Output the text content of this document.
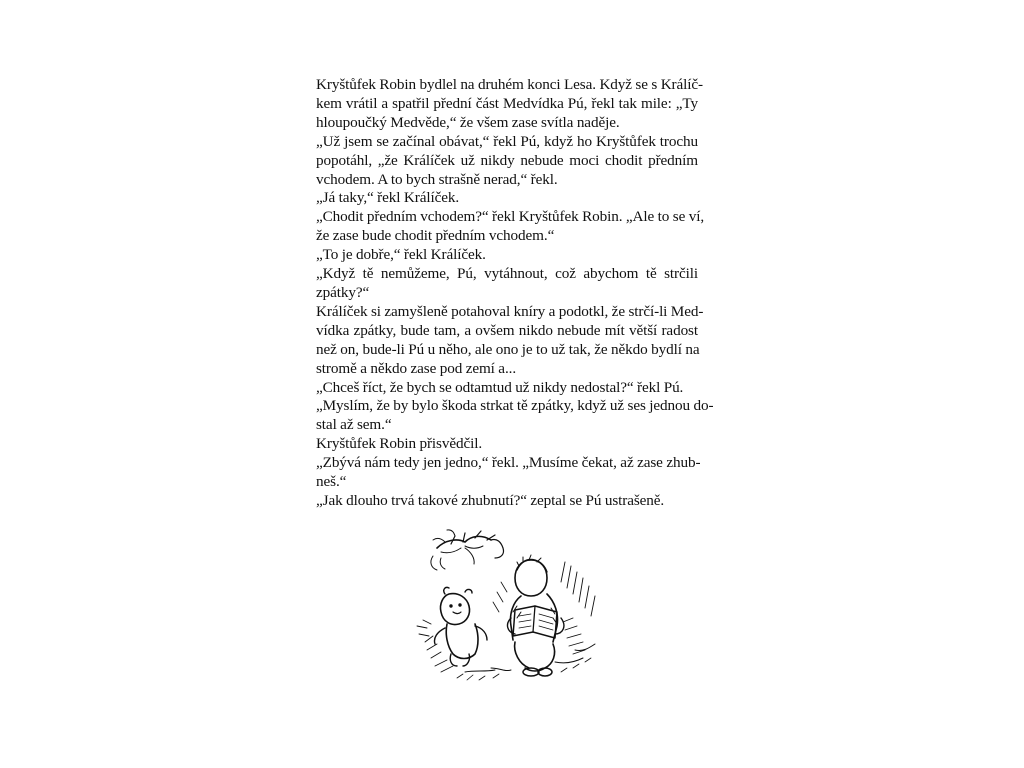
Kryštůfek Robin bydlel na druhém konci Lesa. Když se s Králíč-
kem vrátil a spatřil přední část Medvídka Pú, řekl tak mile: „Ty
hloupoučký Medvěde,“ že všem zase svítla naděje.

„Už jsem se začínal obávat,“ řekl Pú, když ho Kryštůfek trochu
popotáhl, „že Králíček už nikdy nebude moci chodit předním
vchodem. A to bych strašně nerad,“ řekl.

„Já taky,“ řekl Králíček.

„Chodit předním vchodem?“ řekl Kryštůfek Robin. „Ale to se ví,
že zase bude chodit předním vchodem.“

„To je dobře,“ řekl Králíček.

„Když tě nemůžeme, Pú, vytáhnout, což abychom tě strčili
zpátky?“

Králíček si zamyšleně potahoval kníry a podotkl, že strčí-li Med-
vídka zpátky, bude tam, a ovšem nikdo nebude mít větší radost
než on, bude-li Pú u něho, ale ono je to už tak, že někdo bydlí na
stromě a někdo zase pod zemí a...

„Chceš říct, že bych se odtamtud už nikdy nedostal?“ řekl Pú.

„Myslím, že by bylo škoda strkat tě zpátky, když už ses jednou do-
stal až sem.“

Kryštůfek Robin přisvědčil.

„Zbývá nám tedy jen jedno,“ řekl. „Musíme čekat, až zase zhub-
neš.“

„Jak dlouho trvá takové zhubnutí?“ zeptal se Pú ustrašeně.
